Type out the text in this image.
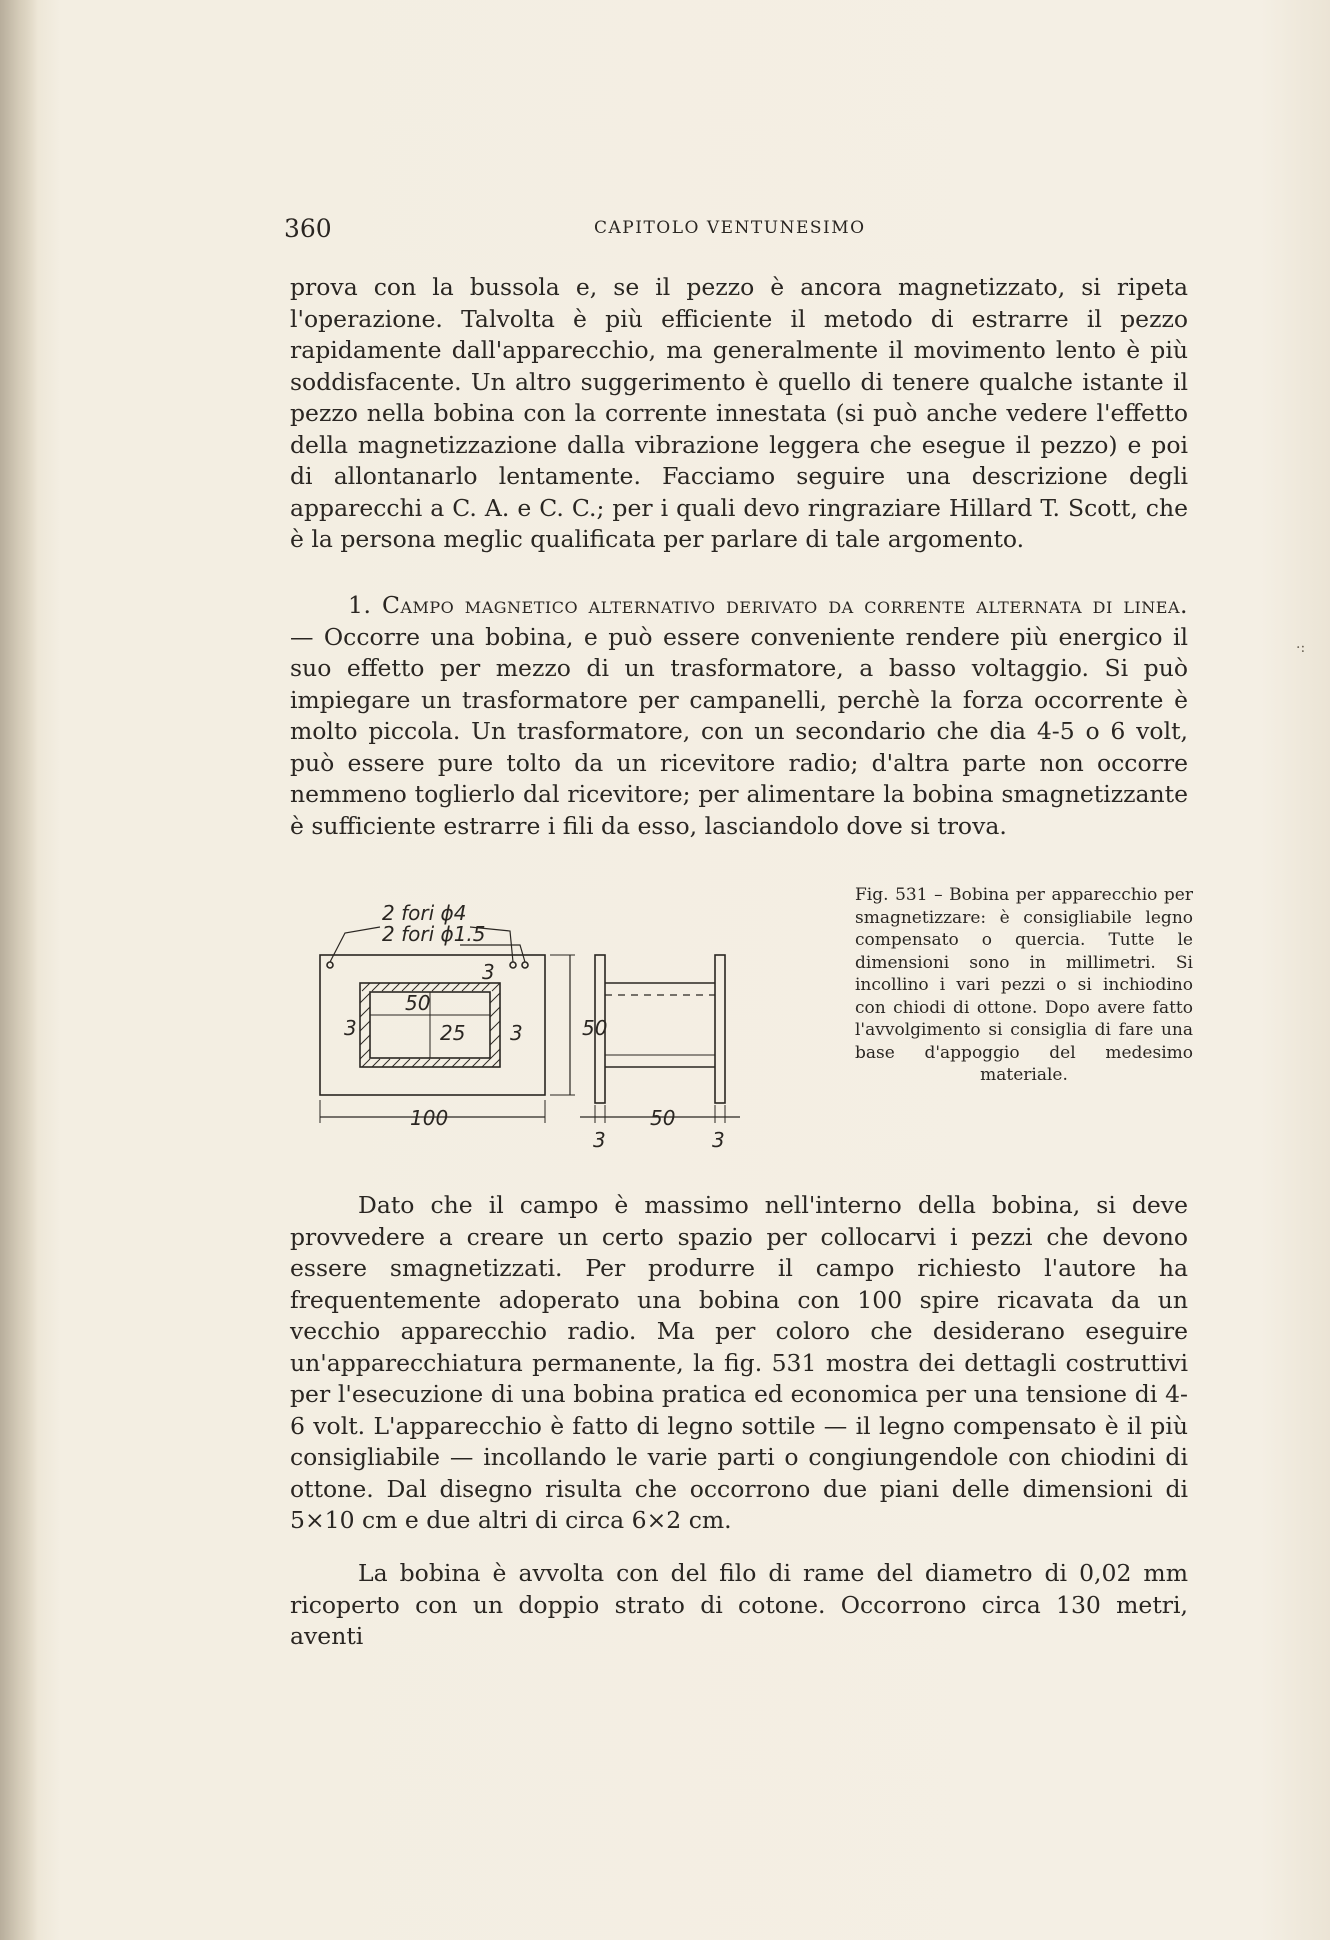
360	CAPITOLO VENTUNESIMO

prova con la bussola e, se il pezzo è ancora magnetizzato, si ripeta l'operazione. Talvolta è più efficiente il metodo di estrarre il pezzo rapidamente dall'apparecchio, ma generalmente il movimento lento è più soddisfacente. Un altro suggerimento è quello di tenere qualche istante il pezzo nella bobina con la corrente innestata (si può anche vedere l'effetto della magnetizzazione dalla vibrazione leggera che esegue il pezzo) e poi di allontanarlo lentamente. Facciamo seguire una descrizione degli apparecchi a C. A. e C. C.; per i quali devo ringraziare Hillard T. Scott, che è la persona meglic qualificata per parlare di tale argomento.

1. Campo magnetico alternativo derivato da corrente alternata di linea. — Occorre una bobina, e può essere conveniente rendere più energico il suo effetto per mezzo di un trasformatore, a basso voltaggio. Si può impiegare un trasformatore per campanelli, perchè la forza occorrente è molto piccola. Un trasformatore, con un secondario che dia 4-5 o 6 volt, può essere pure tolto da un ricevitore radio; d'altra parte non occorre nemmeno toglierlo dal ricevitore; per alimentare la bobina smagnetizzante è sufficiente estrarre i fili da esso, lasciandolo dove si trova.

2 fori ϕ4
2 fori ϕ1.5
50
25
3	3
3
50
100	50
3	3

Fig. 531 – Bobina per apparecchio per smagnetizzare: è consigliabile legno compensato o quercia. Tutte le dimensioni sono in millimetri. Si incollino i vari pezzi o si inchiodino con chiodi di ottone. Dopo avere fatto l'avvolgimento si consiglia di fare una base d'appoggio del medesimo materiale.

·:

Dato che il campo è massimo nell'interno della bobina, si deve provvedere a creare un certo spazio per collocarvi i pezzi che devono essere smagnetizzati. Per produrre il campo richiesto l'autore ha frequentemente adoperato una bobina con 100 spire ricavata da un vecchio apparecchio radio. Ma per coloro che desiderano eseguire un'apparecchiatura permanente, la fig. 531 mostra dei dettagli costruttivi per l'esecuzione di una bobina pratica ed economica per una tensione di 4-6 volt. L'apparecchio è fatto di legno sottile — il legno compensato è il più consigliabile — incollando le varie parti o congiungendole con chiodini di ottone. Dal disegno risulta che occorrono due piani delle dimensioni di 5×10 cm e due altri di circa 6×2 cm.

La bobina è avvolta con del filo di rame del diametro di 0,02 mm ricoperto con un doppio strato di cotone. Occorrono circa 130 metri, aventi
